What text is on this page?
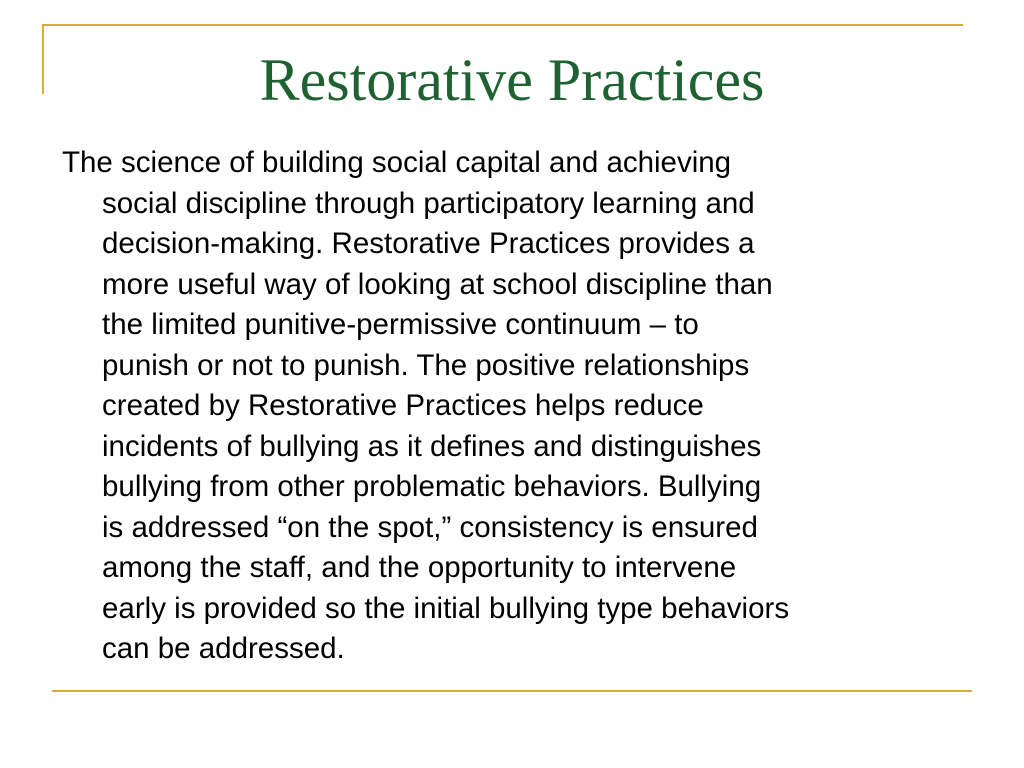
Restorative Practices

The science of building social capital and achieving
social discipline through participatory learning and
decision-making. Restorative Practices provides a
more useful way of looking at school discipline than
the limited punitive-permissive continuum – to
punish or not to punish. The positive relationships
created by Restorative Practices helps reduce
incidents of bullying as it defines and distinguishes
bullying from other problematic behaviors. Bullying
is addressed “on the spot,” consistency is ensured
among the staff, and the opportunity to intervene
early is provided so the initial bullying type behaviors
can be addressed.
